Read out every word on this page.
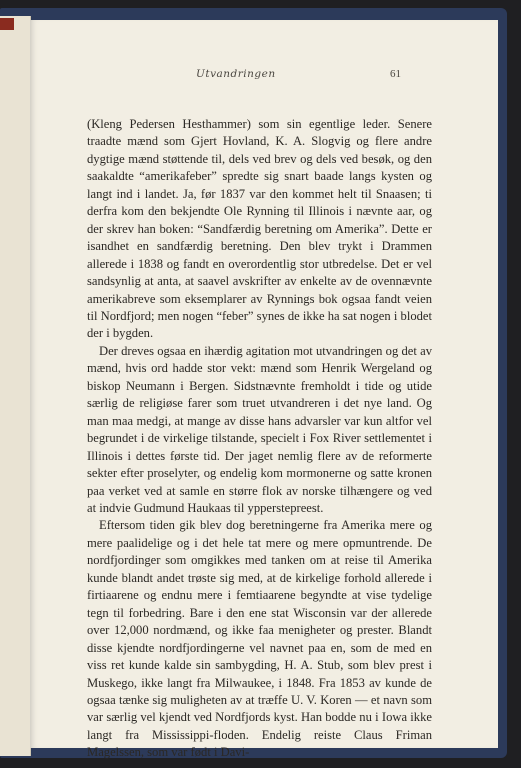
Utvandringen	61

(Kleng Pedersen Hesthammer) som sin egentlige leder. Senere traadte mænd som Gjert Hovland, K. A. Slogvig og flere andre dygtige mænd støttende til, dels ved brev og dels ved besøk, og den saakaldte “amerikafeber” spredte sig snart baade langs kysten og langt ind i landet. Ja, før 1837 var den kommet helt til Snaasen; ti derfra kom den bekjendte Ole Rynning til Illinois i nævnte aar, og der skrev han boken: “Sandfærdig beretning om Amerika”. Dette er isandhet en sandfærdig beretning. Den blev trykt i Drammen allerede i 1838 og fandt en overordentlig stor utbredelse. Det er vel sandsynlig at anta, at saavel avskrifter av enkelte av de ovennævnte amerikabreve som eksemplarer av Rynnings bok ogsaa fandt veien til Nordfjord; men nogen “feber” synes de ikke ha sat nogen i blodet der i bygden.

Der dreves ogsaa en ihærdig agitation mot utvandringen og det av mænd, hvis ord hadde stor vekt: mænd som Henrik Wergeland og biskop Neumann i Bergen. Sidstnævnte fremholdt i tide og utide særlig de religiøse farer som truet utvandreren i det nye land. Og man maa medgi, at mange av disse hans advarsler var kun altfor vel begrundet i de virkelige tilstande, specielt i Fox River settlementet i Illinois i dettes første tid. Der jaget nemlig flere av de reformerte sekter efter proselyter, og endelig kom mormonerne og satte kronen paa verket ved at samle en større flok av norske tilhængere og ved at indvie Gudmund Haukaas til ypperstepreest.

Eftersom tiden gik blev dog beretningerne fra Amerika mere og mere paalidelige og i det hele tat mere og mere opmuntrende. De nordfjordinger som omgikkes med tanken om at reise til Amerika kunde blandt andet trøste sig med, at de kirkelige forhold allerede i firtiaarene og endnu mere i femtiaarene begyndte at vise tydelige tegn til forbedring. Bare i den ene stat Wisconsin var der allerede over 12,000 nordmænd, og ikke faa menigheter og prester. Blandt disse kjendte nordfjordingerne vel navnet paa en, som de med en viss ret kunde kalde sin sambygding, H. A. Stub, som blev prest i Muskego, ikke langt fra Milwaukee, i 1848. Fra 1853 av kunde de ogsaa tænke sig muligheten av at træffe U. V. Koren — et navn som var særlig vel kjendt ved Nordfjords kyst. Han bodde nu i Iowa ikke langt fra Mississippi-floden. Endelig reiste Claus Friman Magelssen, som var født i Davi-
